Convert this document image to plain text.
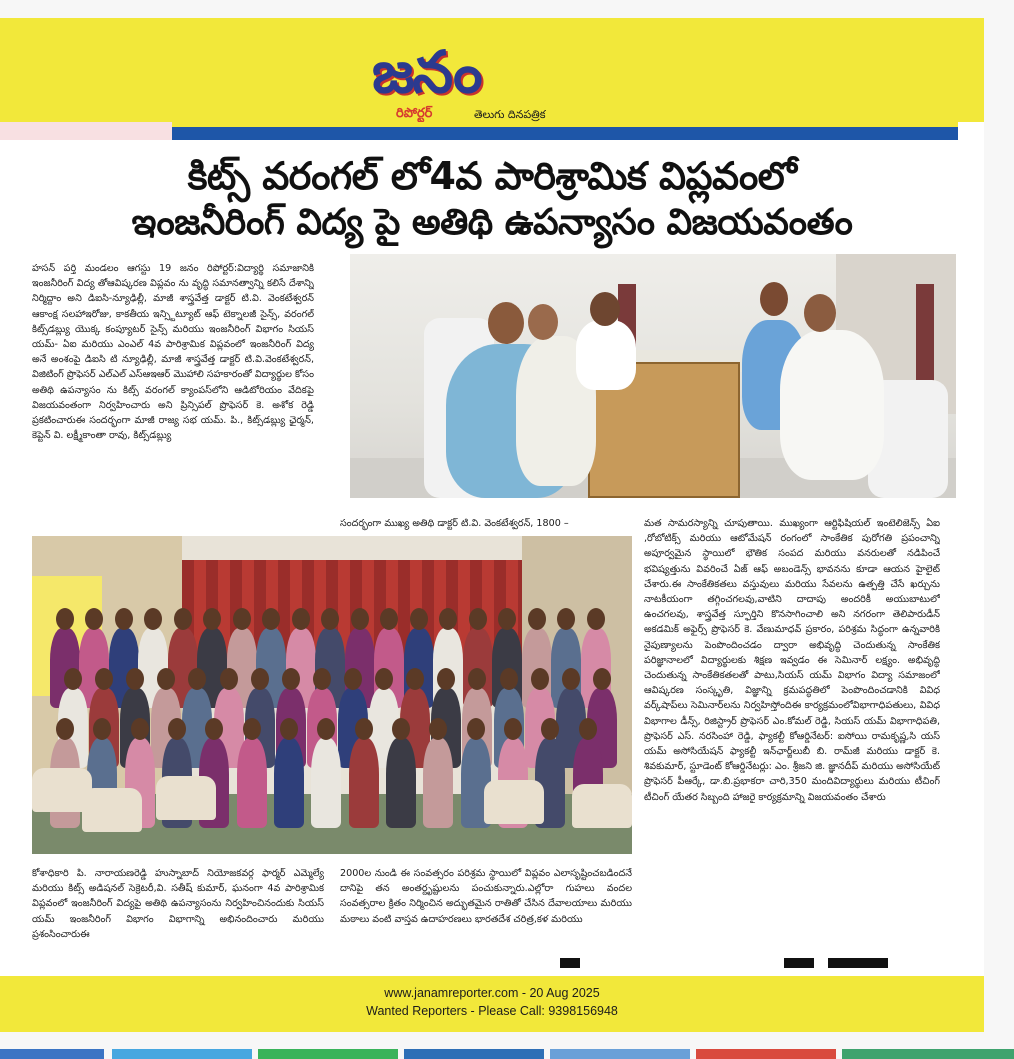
జనం
రిపోర్టర్	తెలుగు దినపత్రిక
కిట్స్ వరంగల్ లో4వ పారిశ్రామిక విప్లవంలో
ఇంజనీరింగ్ విద్య పై అతిథి ఉపన్యాసం విజయవంతం
హసన్ పర్తి మండలం ఆగస్టు 19 జనం రిపోర్టర్:విద్యార్థి సమాజానికి ఇంజనీరింగ్ విద్య తోఆవిష్కరణ విప్లవం ను వృద్ధి సమానత్వాన్ని కలిసే దేశాన్ని నిర్మిద్దాం అని డిఐసి-న్యూఢిల్లీ, మాజీ శాస్త్రవేత్త డాక్టర్ టి.వి. వెంకటేశ్వరన్ ఆకాంక్ష సలహాఇరోజు, కాకతీయ ఇన్స్టిట్యూట్ ఆఫ్ టెక్నాలజీ సైన్స్, వరంగల్ కిట్స్‌డబ్ల్యు యొక్క కంప్యూటర్ సైన్స్ మరియు ఇంజనీరింగ్ విభాగం సియస్ యమ్- ఏఐ మరియు ఎంఎల్ 4వ పారిశ్రామిక విప్లవంలో ఇంజనీరింగ్ విద్య అనే అంశంపై డిఐసి టి న్యూఢిల్లీ, మాజీ శాస్త్రవేత్త డాక్టర్ టి.వి.వెంకటేశ్వరన్, విజిటింగ్ ప్రొఫెసర్ ఎల్ఎల్ ఎస్ఆఇఆర్ మొహాలి సహకారంతో విద్యార్థుల కోసం అతిథి ఉపన్యాసం ను కిట్స్ వరంగల్ క్యాంపస్‌లోని ఆడిటోరియం వేదికపై విజయవంతంగా నిర్వహించారు అని ప్రిన్సిపల్ ప్రొఫెసర్ కె. అశోక రెడ్డి ప్రకటించారుఈ సందర్భంగా మాజీ రాజ్య సభ యమ్. పి., కిట్స్‌డబ్ల్యు ఛైర్మన్, కెప్టెన్ వి. లక్ష్మీకాంతా రావు, కిట్స్‌డబ్ల్యు
సందర్భంగా ముఖ్య అతిథి డాక్టర్ టి.వి. వెంకటేశ్వరన్, 1800 –	మత సామరస్యాన్ని చూపుతాయి. ముఖ్యంగా ఆర్టిఫిషియల్ ఇంటెలిజెన్స్ ఏఐ ,రోబోటిక్స్ మరియు ఆటోమేషన్ రంగంలో సాంకేతిక పురోగతి ప్రపంచాన్ని అపూర్వమైన స్థాయిలో భౌతిక సంపద మరియు వనరులతో నడిపించే భవిష్యత్తును వివరించే ఏజ్ ఆఫ్ అబండెన్స్ భావనను కూడా ఆయన హైలైట్ చేశారు.ఈ సాంకేతికతలు వస్తువులు మరియు సేవలను ఉత్పత్తి చేసే ఖర్చును నాటకీయంగా తగ్గించగలవు,వాటిని దాదాపు అందరికీ అయుబాటులో ఉంచగలవు, శాస్త్రవేత్త స్ఫూర్తిని కొనసాగించాలి అని నగరంగా తెలిపారుడీన్ అకడమిక్ అఫైర్స్ ప్రొఫెసర్ కె. వేణుమాధవ్ ప్రకారం, పరిశ్రమ సిద్ధంగా ఉన్నవారికి నైపుణ్యాలను పెంపొందించడం ద్వారా అభివృద్ధి చెందుతున్న సాంకేతిక పరిజ్ఞానాలలో విద్యార్థులకు శిక్షణ ఇవ్వడం ఈ సెమినార్ లక్ష్యం. అభివృద్ధి చెందుతున్న సాంకేతికతలతో పాటు,సియస్ యమ్ విభాగం విద్యా సమాజంలో ఆవిష్కరణ సంస్కృతి, విజ్ఞాన్ని క్రమపద్ధతిలో పెంపొందించడానికి వివిధ వర్క్‌షాప్‌లు సెమినార్‌లను నిర్వహిస్తోందిఈ కార్యక్రమంలోవిభాగాధిపతులు, వివిధ విభాగాల డీన్స్, రిజిస్ట్రార్ ప్రొఫెసర్ ఎం.కోమల్ రెడ్డి, సియస్ యమ్ విభాగాధిపతి, ప్రొఫెసర్ ఎస్. నరసింహా రెడ్డి, ఫ్యాకల్టీ కోఆర్డినేటర్: ఐసోయి రామకృష్ణ,సి యస్ యమ్ అసోసియేషన్ ఫ్యాకల్టీ ఇన్‌ఛార్జ్‌లుబీ బి. రామ్‌జీ మరియు డాక్టర్ కె. శివకుమార్, స్టూడెంట్ కోఆర్డినేటర్లు: ఎం. శ్రీజని జి. జ్ఞానదీప్ మరియు అసోసియేట్ ప్రొఫెసర్ పీఆర్కే, డా.బి.ప్రభాకరా చారి,350 మందివిద్యార్థులు మరియు టీచింగ్ టీచింగ్ యేతర సిబ్బంది హాజరై కార్యక్రమాన్ని విజయవంతం చేశారు
కోశాధికారి పి. నారాయణరెడ్డి హుస్నాబాద్ నియోజకవర్గ ఫార్మర్ ఎమ్మెల్యే మరియు కిట్స్ అడిషనల్ సెక్రెటరీ,వి. సతీష్ కుమార్, ఘనంగా 4వ పారిశ్రామిక విప్లవంలో ఇంజనీరింగ్ విద్యపై అతిథి ఉపన్యాసంను నిర్వహించినందుకు సియస్ యమ్ ఇంజనీరింగ్ విభాగం విభాగాన్ని అభినందించారు మరియు ప్రశంసించారుఈ
2000ల నుండి ఈ సంవత్సరం పరిశ్రమ స్థాయిలో విప్లవం ఎలాసృష్టించబడిందనే దానిపై తన అంతర్దృష్టులను పంచుకున్నారు.ఎల్లోరా గుహలు వందల సంవత్సరాల క్రితం నిర్మించిన అద్భుతమైన రాతితో చేసిన దేవాలయాలు మరియు మఠాలు వంటి వాస్తవ ఉదాహరణలు భారతదేశ చరిత్ర,కళ మరియు
www.janamreporter.com - 20 Aug 2025
Wanted Reporters - Please Call: 9398156948
